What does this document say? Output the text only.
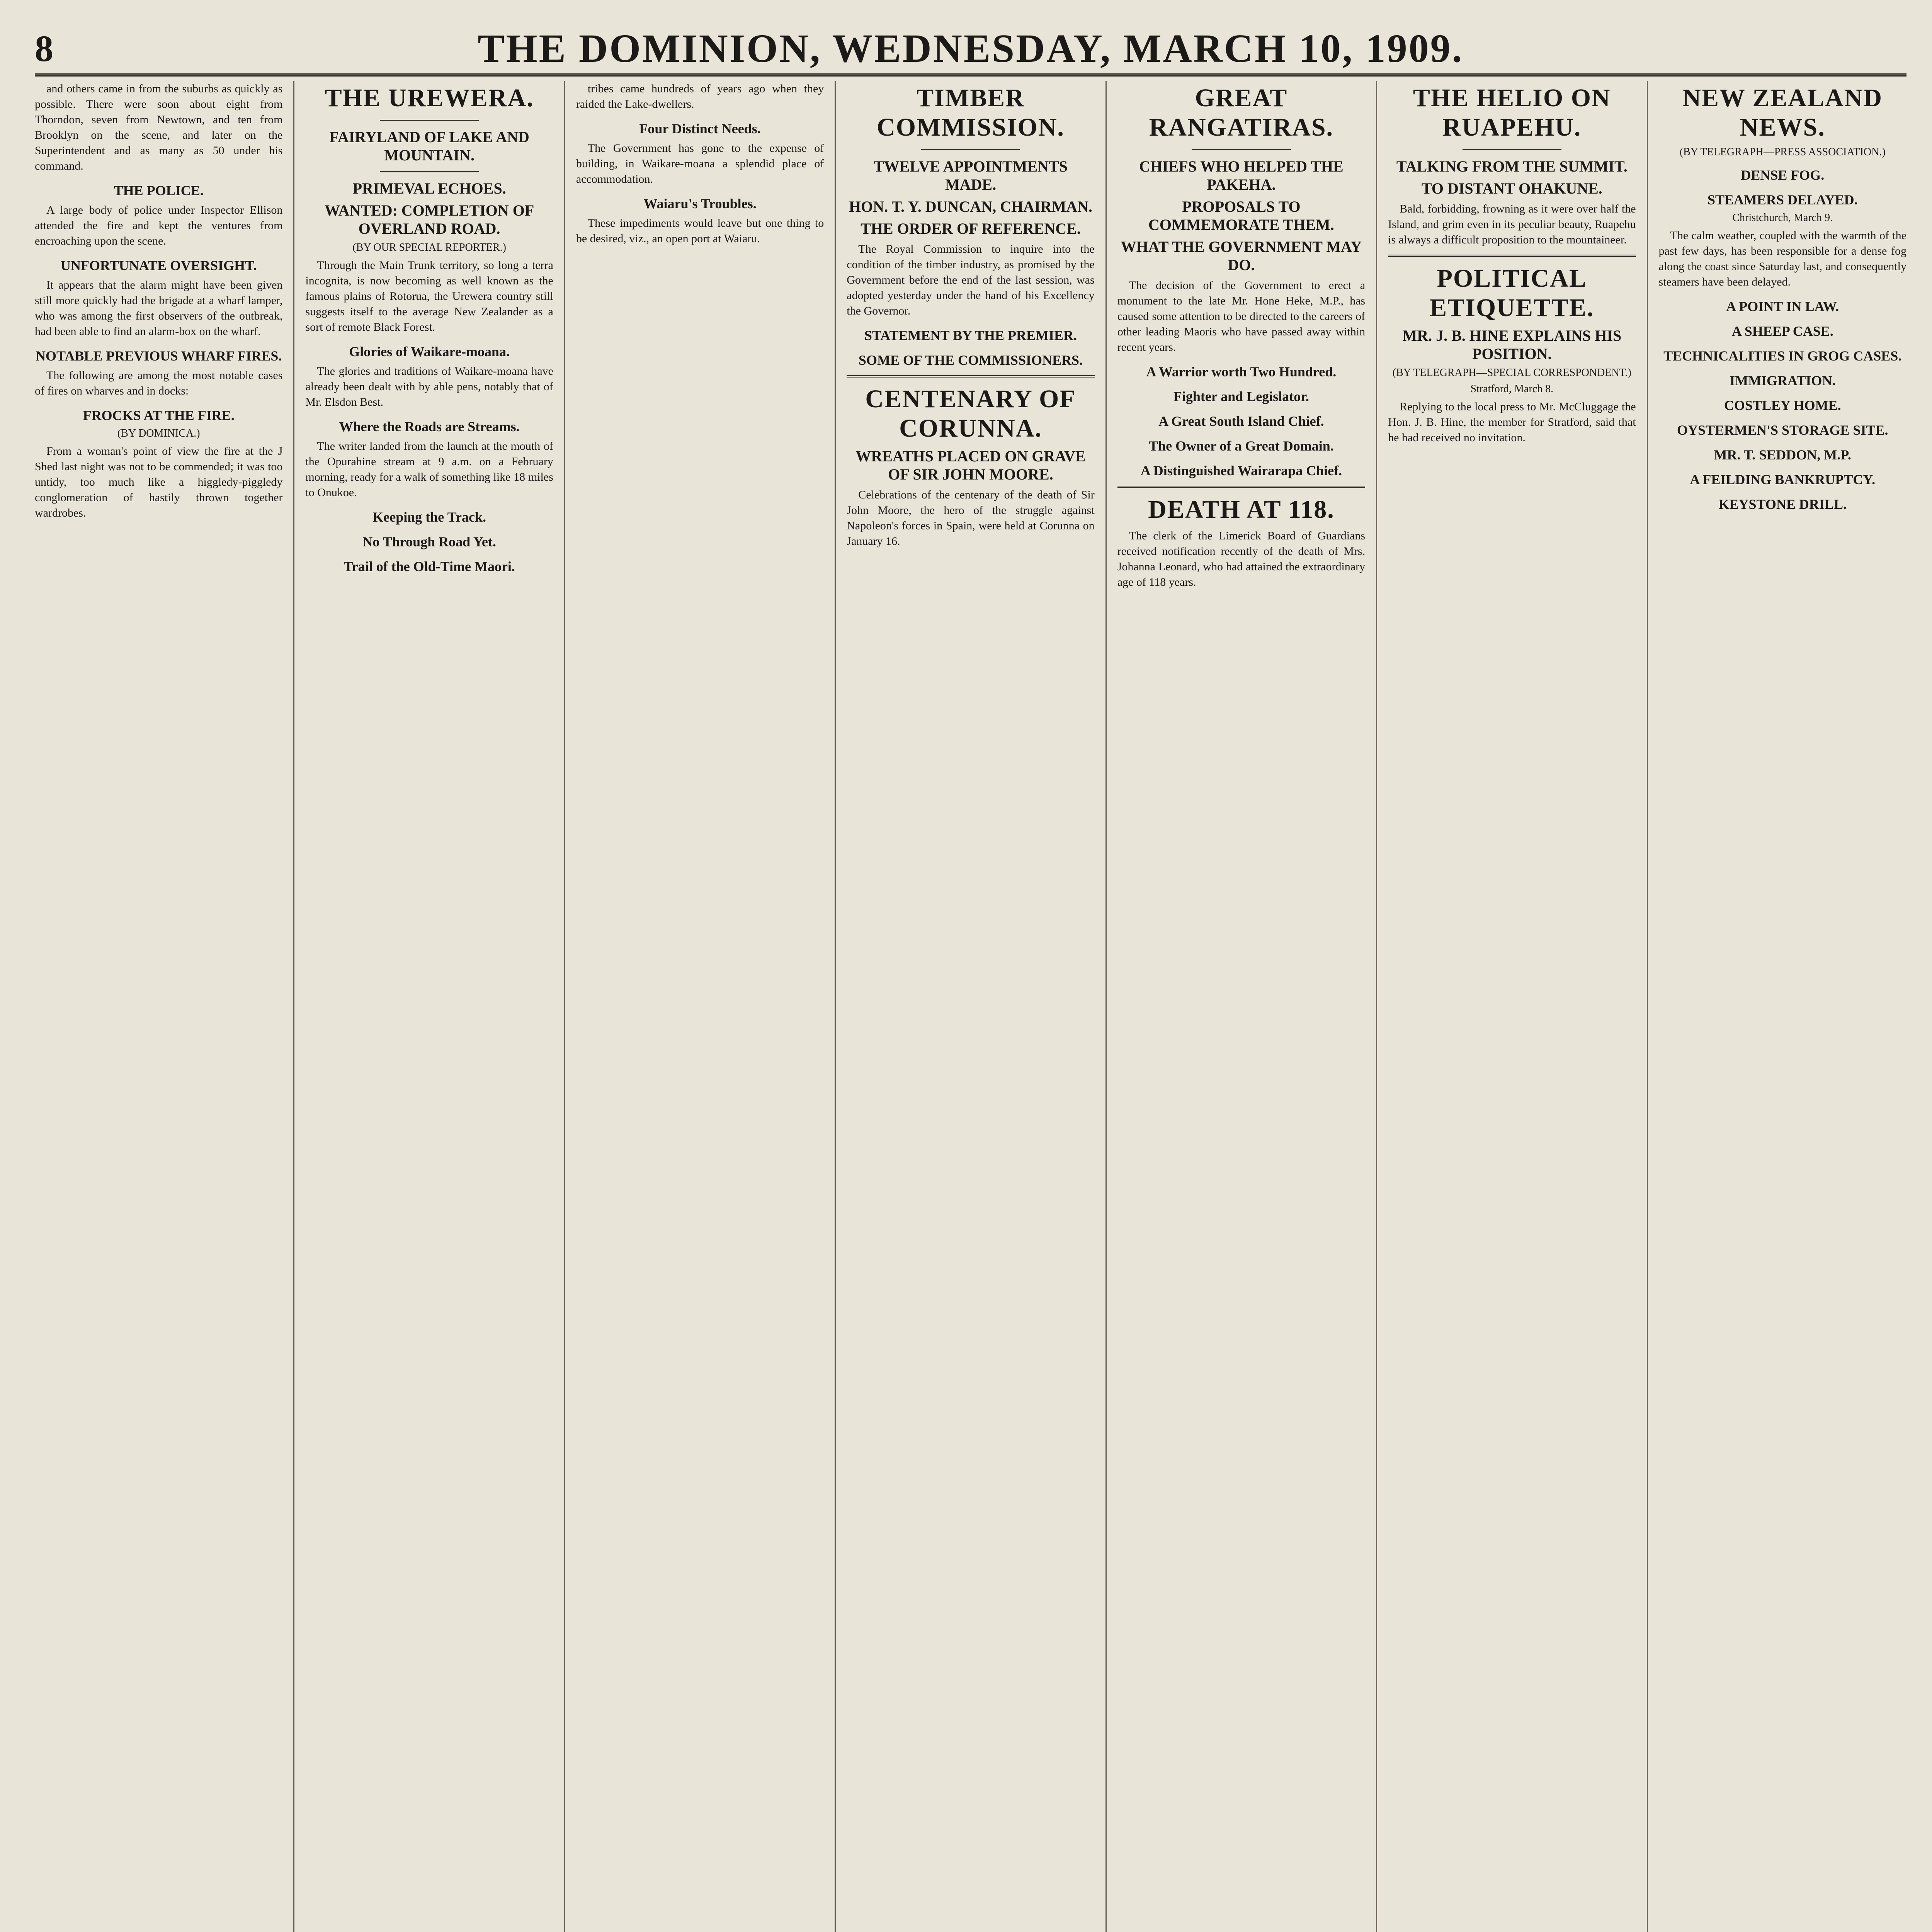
8	THE DOMINION, WEDNESDAY, MARCH 10, 1909.

and others came in from the suburbs as quickly as possible. There were soon about eight from Thorndon, seven from Newtown, and ten from Brooklyn on the scene, and later on the Superintendent and as many as 50 under his command.

THE POLICE.

A large body of police under Inspector Ellison attended the fire and kept the ventures from encroaching upon the scene.

UNFORTUNATE OVERSIGHT.

It appears that the alarm might have been given still more quickly had the brigade at a wharf lamper, who was among the first observers of the outbreak, had been able to find an alarm-box on the wharf.

NOTABLE PREVIOUS WHARF FIRES.

The following are among the most notable cases of fires on wharves and in docks:

FROCKS AT THE FIRE.
(BY DOMINICA.)

From a woman's point of view the fire at the J Shed last night was not to be commended; it was too untidy, too much like a higgledy-piggledy conglomeration of hastily thrown together wardrobes.

THE UREWERA.
FAIRYLAND OF LAKE AND MOUNTAIN.
PRIMEVAL ECHOES.
WANTED: COMPLETION OF OVERLAND ROAD.
(BY OUR SPECIAL REPORTER.)

Through the Main Trunk territory, so long a terra incognita, is now becoming as well known as the famous plains of Rotorua, the Urewera country still suggests itself to the average New Zealander as a sort of remote Black Forest.

Glories of Waikare-moana.

The glories and traditions of Waikare-moana have already been dealt with by able pens, notably that of Mr. Elsdon Best.

Where the Roads are Streams.

The writer landed from the launch at the mouth of the Opurahine stream at 9 a.m. on a February morning, ready for a walk of something like 18 miles to Onukoe.

Keeping the Track.
No Through Road Yet.
Trail of the Old-Time Maori.

tribes came hundreds of years ago when they raided the Lake-dwellers.

Four Distinct Needs.

The Government has gone to the expense of building, in Waikare-moana a splendid place of accommodation.

Waiaru's Troubles.

These impediments would leave but one thing to be desired, viz., an open port at Waiaru.

TIMBER COMMISSION.
TWELVE APPOINTMENTS MADE.
HON. T. Y. DUNCAN, CHAIRMAN.
THE ORDER OF REFERENCE.

The Royal Commission to inquire into the condition of the timber industry, as promised by the Government before the end of the last session, was adopted yesterday under the hand of his Excellency the Governor.

STATEMENT BY THE PREMIER.
SOME OF THE COMMISSIONERS.
CENTENARY OF CORUNNA.
WREATHS PLACED ON GRAVE OF SIR JOHN MOORE.

Celebrations of the centenary of the death of Sir John Moore, the hero of the struggle against Napoleon's forces in Spain, were held at Corunna on January 16.

GREAT RANGATIRAS.
CHIEFS WHO HELPED THE PAKEHA.
PROPOSALS TO COMMEMORATE THEM.
WHAT THE GOVERNMENT MAY DO.

The decision of the Government to erect a monument to the late Mr. Hone Heke, M.P., has caused some attention to be directed to the careers of other leading Maoris who have passed away within recent years.

A Warrior worth Two Hundred.
Fighter and Legislator.
A Great South Island Chief.
The Owner of a Great Domain.
A Distinguished Wairarapa Chief.
DEATH AT 118.

The clerk of the Limerick Board of Guardians received notification recently of the death of Mrs. Johanna Leonard, who had attained the extraordinary age of 118 years.

THE HELIO ON RUAPEHU.
TALKING FROM THE SUMMIT.
TO DISTANT OHAKUNE.

Bald, forbidding, frowning as it were over half the Island, and grim even in its peculiar beauty, Ruapehu is always a difficult proposition to the mountaineer.

POLITICAL ETIQUETTE.
MR. J. B. HINE EXPLAINS HIS POSITION.
(BY TELEGRAPH—SPECIAL CORRESPONDENT.)
Stratford, March 8.

Replying to the local press to Mr. McCluggage the Hon. J. B. Hine, the member for Stratford, said that he had received no invitation.

NEW ZEALAND NEWS.
(BY TELEGRAPH—PRESS ASSOCIATION.)
DENSE FOG.
STEAMERS DELAYED.
Christchurch, March 9.

The calm weather, coupled with the warmth of the past few days, has been responsible for a dense fog along the coast since Saturday last, and consequently steamers have been delayed.

A POINT IN LAW.
A SHEEP CASE.
TECHNICALITIES IN GROG CASES.
IMMIGRATION.
COSTLEY HOME.
OYSTERMEN'S STORAGE SITE.
MR. T. SEDDON, M.P.
A FEILDING BANKRUPTCY.
KEYSTONE DRILL.
